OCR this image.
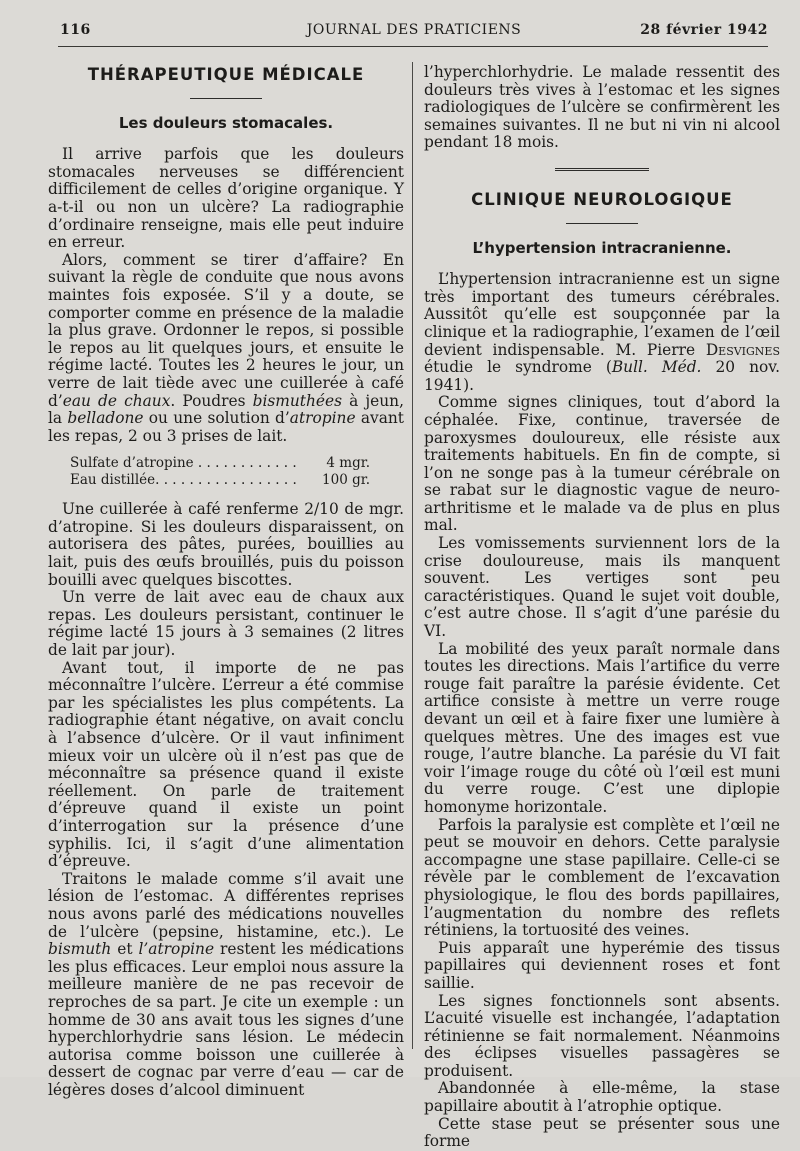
116	JOURNAL DES PRATICIENS	28 février 1942
THÉRAPEUTIQUE MÉDICALE
Les douleurs stomacales.

Il arrive parfois que les douleurs stomacales nerveuses se différencient difficilement de celles d’origine organique. Y a-t-il ou non un ulcère? La radiographie d’ordinaire renseigne, mais elle peut induire en erreur.

Alors, comment se tirer d’affaire? En suivant la règle de conduite que nous avons maintes fois exposée. S’il y a doute, se comporter comme en présence de la maladie la plus grave. Ordonner le repos, si possible le repos au lit quelques jours, et ensuite le régime lacté. Toutes les 2 heures le jour, un verre de lait tiède avec une cuillerée à café d’eau de chaux. Poudres bismuthées à jeun, la belladone ou une solution d’atropine avant les repas, 2 ou 3 prises de lait.

Sulfate d’atropine . . . . . . . . . . . .	4 mgr.
Eau distillée. . . . . . . . . . . . . . . . .	100 gr.

Une cuillerée à café renferme 2/10 de mgr. d’atropine. Si les douleurs disparaissent, on autorisera des pâtes, purées, bouillies au lait, puis des œufs brouillés, puis du poisson bouilli avec quelques biscottes.

Un verre de lait avec eau de chaux aux repas. Les douleurs persistant, continuer le régime lacté 15 jours à 3 semaines (2 litres de lait par jour).

Avant tout, il importe de ne pas méconnaître l’ulcère. L’erreur a été commise par les spécialistes les plus compétents. La radiographie étant négative, on avait conclu à l’absence d’ulcère. Or il vaut infiniment mieux voir un ulcère où il n’est pas que de méconnaître sa présence quand il existe réellement. On parle de traitement d’épreuve quand il existe un point d’interrogation sur la présence d’une syphilis. Ici, il s’agit d’une alimentation d’épreuve.

Traitons le malade comme s’il avait une lésion de l’estomac. A différentes reprises nous avons parlé des médications nouvelles de l’ulcère (pepsine, histamine, etc.). Le bismuth et l’atropine restent les médications les plus efficaces. Leur emploi nous assure la meilleure manière de ne pas recevoir de reproches de sa part. Je cite un exemple : un homme de 30 ans avait tous les signes d’une hyperchlorhydrie sans lésion. Le médecin autorisa comme boisson une cuillerée à dessert de cognac par verre d’eau — car de légères doses d’alcool diminuent

l’hyperchlorhydrie. Le malade ressentit des douleurs très vives à l’estomac et les signes radiologiques de l’ulcère se confirmèrent les semaines suivantes. Il ne but ni vin ni alcool pendant 18 mois.

CLINIQUE NEUROLOGIQUE
L’hypertension intracranienne.

L’hypertension intracranienne est un signe très important des tumeurs cérébrales. Aussitôt qu’elle est soupçonnée par la clinique et la radiographie, l’examen de l’œil devient indispensable. M. Pierre Desvignes étudie le syndrome (Bull. Méd. 20 nov. 1941).

Comme signes cliniques, tout d’abord la céphalée. Fixe, continue, traversée de paroxysmes douloureux, elle résiste aux traitements habituels. En fin de compte, si l’on ne songe pas à la tumeur cérébrale on se rabat sur le diagnostic vague de neuro-arthritisme et le malade va de plus en plus mal.

Les vomissements surviennent lors de la crise douloureuse, mais ils manquent souvent. Les vertiges sont peu caractéristiques. Quand le sujet voit double, c’est autre chose. Il s’agit d’une parésie du VI.

La mobilité des yeux paraît normale dans toutes les directions. Mais l’artifice du verre rouge fait paraître la parésie évidente. Cet artifice consiste à mettre un verre rouge devant un œil et à faire fixer une lumière à quelques mètres. Une des images est vue rouge, l’autre blanche. La parésie du VI fait voir l’image rouge du côté où l’œil est muni du verre rouge. C’est une diplopie homonyme horizontale.

Parfois la paralysie est complète et l’œil ne peut se mouvoir en dehors. Cette paralysie accompagne une stase papillaire. Celle-ci se révèle par le comblement de l’excavation physiologique, le flou des bords papillaires, l’augmentation du nombre des reflets rétiniens, la tortuosité des veines.

Puis apparaît une hyperémie des tissus papillaires qui deviennent roses et font saillie.

Les signes fonctionnels sont absents. L’acuité visuelle est inchangée, l’adaptation rétinienne se fait normalement. Néanmoins des éclipses visuelles passagères se produisent.

Abandonnée à elle-même, la stase papillaire aboutit à l’atrophie optique.

Cette stase peut se présenter sous une forme
